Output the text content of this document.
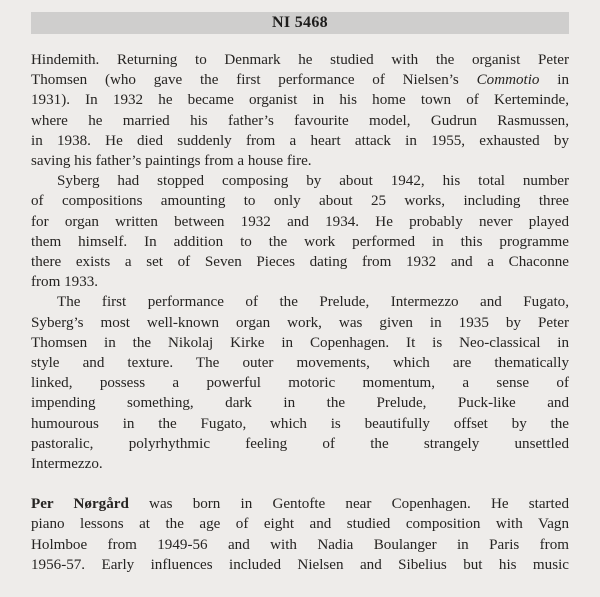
NI 5468

Hindemith. Returning to Denmark he studied with the organist Peter
Thomsen (who gave the first performance of Nielsen’s Commotio in
1931). In 1932 he became organist in his home town of Kerteminde,
where he married his father’s favourite model, Gudrun Rasmussen,
in 1938. He died suddenly from a heart attack in 1955, exhausted by
saving his father’s paintings from a house fire.

Syberg had stopped composing by about 1942, his total number
of compositions amounting to only about 25 works, including three
for organ written between 1932 and 1934. He probably never played
them himself. In addition to the work performed in this programme
there exists a set of Seven Pieces dating from 1932 and a Chaconne
from 1933.

The first performance of the Prelude, Intermezzo and Fugato,
Syberg’s most well-known organ work, was given in 1935 by Peter
Thomsen in the Nikolaj Kirke in Copenhagen. It is Neo-classical in
style and texture. The outer movements, which are thematically
linked, possess a powerful motoric momentum, a sense of
impending something, dark in the Prelude, Puck-like and
humourous in the Fugato, which is beautifully offset by the
pastoralic, polyrhythmic feeling of the strangely unsettled
Intermezzo.

Per Nørgård was born in Gentofte near Copenhagen. He started
piano lessons at the age of eight and studied composition with Vagn
Holmboe from 1949-56 and with Nadia Boulanger in Paris from
1956-57. Early influences included Nielsen and Sibelius but his music
